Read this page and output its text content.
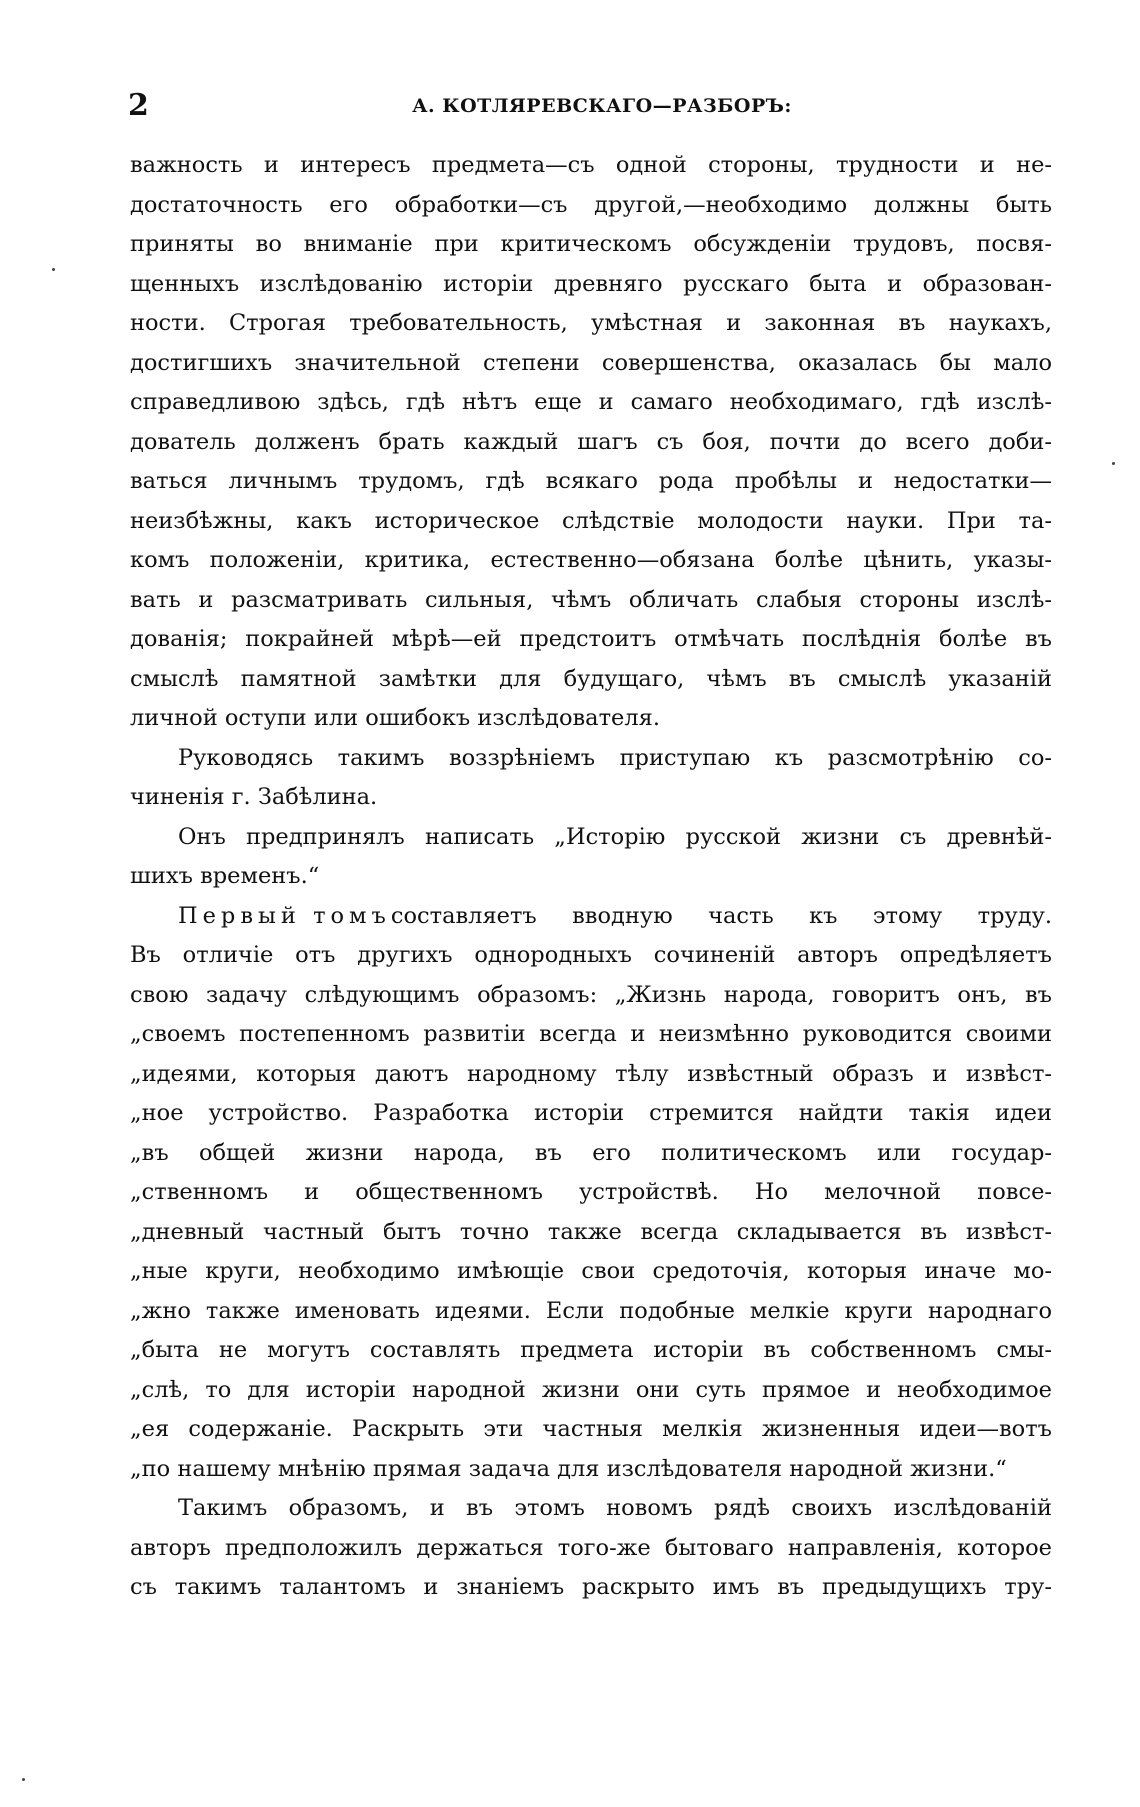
2	А. КОТЛЯРЕВСКАГО—РАЗБОРЪ:
важность и интересъ предмета—съ одной стороны, трудности и не-
достаточность его обработки—съ другой,—необходимо должны быть
приняты во вниманіе при критическомъ обсужденіи трудовъ, посвя-
щенныхъ изслѣдованію исторіи древняго русскаго быта и образован-
ности. Строгая требовательность, умѣстная и законная въ наукахъ,
достигшихъ значительной степени совершенства, оказалась бы мало
справедливою здѣсь, гдѣ нѣтъ еще и самаго необходимаго, гдѣ изслѣ-
дователь долженъ брать каждый шагъ съ боя, почти до всего доби-
ваться личнымъ трудомъ, гдѣ всякаго рода пробѣлы и недостатки—
неизбѣжны, какъ историческое слѣдствіе молодости науки. При та-
комъ положеніи, критика, естественно—обязана болѣе цѣнить, указы-
вать и разсматривать сильныя, чѣмъ обличать слабыя стороны изслѣ-
дованія; покрайней мѣрѣ—ей предстоитъ отмѣчать послѣднія болѣе въ
смыслѣ памятной замѣтки для будущаго, чѣмъ въ смыслѣ указаній
личной оступи или ошибокъ изслѣдователя.
Руководясь такимъ воззрѣніемъ приступаю къ разсмотрѣнію со-
чиненія г. Забѣлина.
Онъ предпринялъ написать „Исторію русской жизни съ древнѣй-
шихъ временъ.“
Первый томъ составляетъ вводную часть къ этому труду.
Въ отличіе отъ другихъ однородныхъ сочиненій авторъ опредѣляетъ
свою задачу слѣдующимъ образомъ: „Жизнь народа, говоритъ онъ, въ
„своемъ постепенномъ развитіи всегда и неизмѣнно руководится своими
„идеями, которыя даютъ народному тѣлу извѣстный образъ и извѣст-
„ное устройство. Разработка исторіи стремится найдти такія идеи
„въ общей жизни народа, въ его политическомъ или государ-
„ственномъ и общественномъ устройствѣ. Но мелочной повсе-
„дневный частный бытъ точно также всегда складывается въ извѣст-
„ные круги, необходимо имѣющіе свои средоточія, которыя иначе мо-
„жно также именовать идеями. Если подобные мелкіе круги народнаго
„быта не могутъ составлять предмета исторіи въ собственномъ смы-
„слѣ, то для исторіи народной жизни они суть прямое и необходимое
„ея содержаніе. Раскрыть эти частныя мелкія жизненныя идеи—вотъ
„по нашему мнѣнію прямая задача для изслѣдователя народной жизни.“
Такимъ образомъ, и въ этомъ новомъ рядѣ своихъ изслѣдованій
авторъ предположилъ держаться того-же бытоваго направленія, которое
съ такимъ талантомъ и знаніемъ раскрыто имъ въ предыдущихъ тру-
